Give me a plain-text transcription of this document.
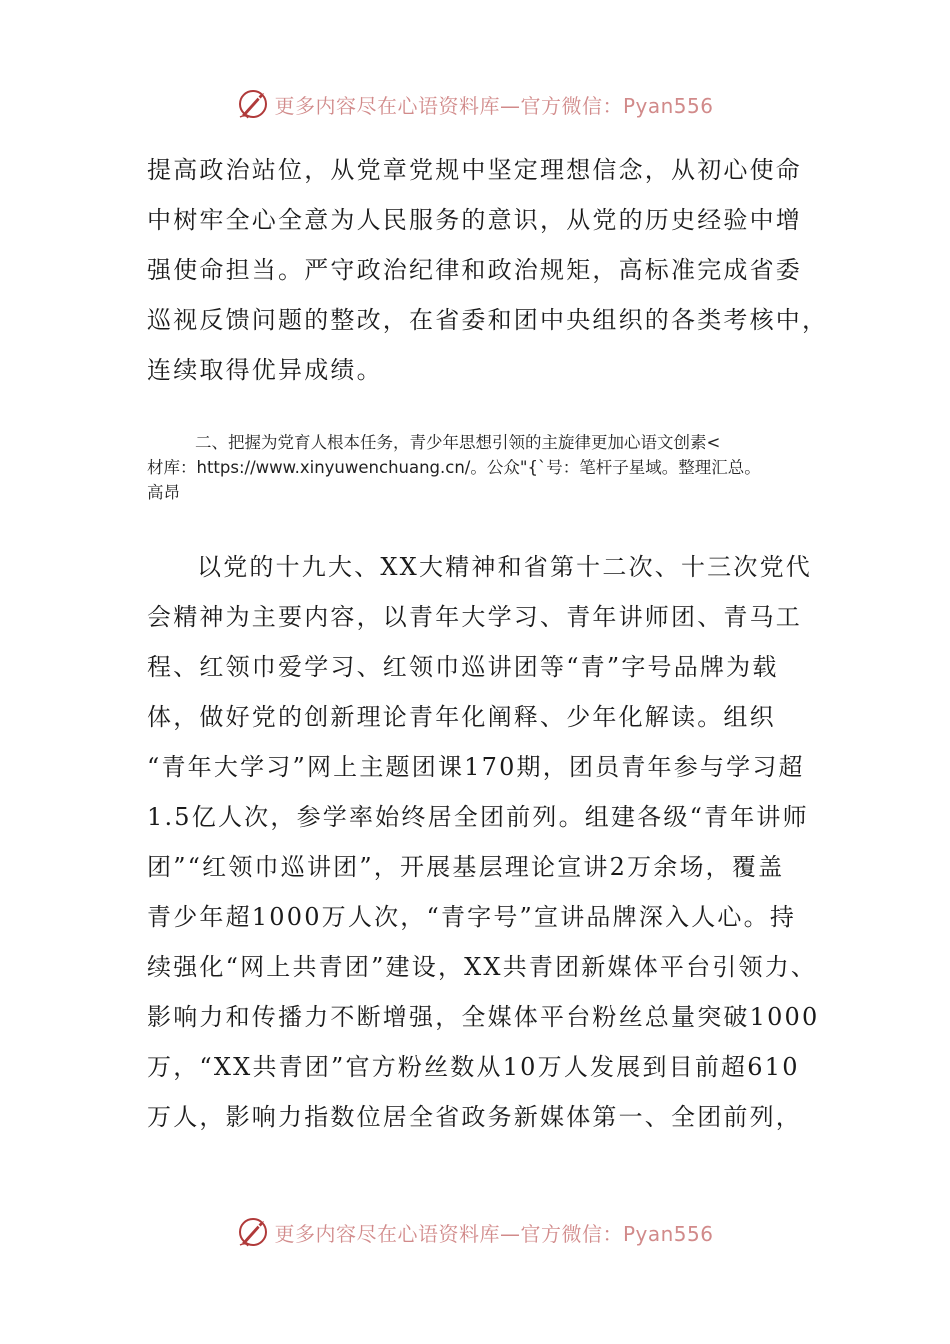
更多内容尽在心语资料库—官方微信：Pyan556
提高政治站位，从党章党规中坚定理想信念，从初心使命
中树牢全心全意为人民服务的意识，从党的历史经验中增
强使命担当。严守政治纪律和政治规矩，高标准完成省委
巡视反馈问题的整改，在省委和团中央组织的各类考核中，
连续取得优异成绩。
二、把握为党育人根本任务，青少年思想引领的主旋律更加心语文创素<
材库：https://www.xinyuwenchuang.cn/。公众"{`号：笔杆子星域。整理汇总。
高昂
以党的十九大、XX大精神和省第十二次、十三次党代
会精神为主要内容，以青年大学习、青年讲师团、青马工
程、红领巾爱学习、红领巾巡讲团等“青”字号品牌为载
体，做好党的创新理论青年化阐释、少年化解读。组织
“青年大学习”网上主题团课170期，团员青年参与学习超
1.5亿人次，参学率始终居全团前列。组建各级“青年讲师
团”“红领巾巡讲团”，开展基层理论宣讲2万余场，覆盖
青少年超1000万人次，“青字号”宣讲品牌深入人心。持
续强化“网上共青团”建设，XX共青团新媒体平台引领力、
影响力和传播力不断增强，全媒体平台粉丝总量突破1000
万，“XX共青团”官方粉丝数从10万人发展到目前超610
万人，影响力指数位居全省政务新媒体第一、全团前列，
更多内容尽在心语资料库—官方微信：Pyan556
